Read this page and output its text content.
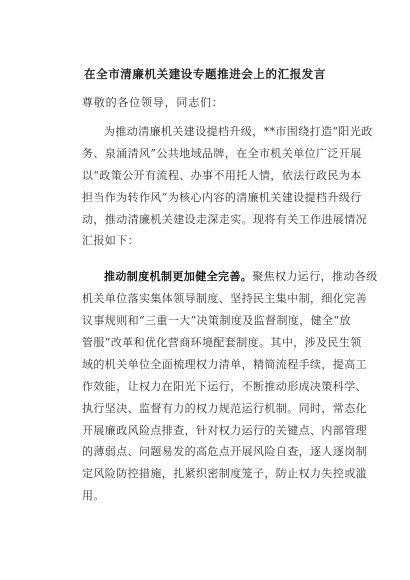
在全市清廉机关建设专题推进会上的汇报发言
尊敬的各位领导，同志们：
为推动清廉机关建设提档升级，**市围绕打造“阳光政
务、泉涌清风”公共地域品牌，在全市机关单位广泛开展
以“政策公开有流程、办事不用托人情，依法行政民为本
担当作为转作风”为核心内容的清廉机关建设提档升级行
动，推动清廉机关建设走深走实。现将有关工作进展情况
汇报如下：
推动制度机制更加健全完善。聚焦权力运行，推动各级
机关单位落实集体领导制度、坚持民主集中制，细化完善
议事规则和“三重一大”决策制度及监督制度，健全“放
管服”改革和优化营商环境配套制度。其中，涉及民生领
域的机关单位全面梳理权力清单，精简流程手续，提高工
作效能，让权力在阳光下运行，不断推动形成决策科学、
执行坚决、监督有力的权力规范运行机制。同时，常态化
开展廉政风险点排查，针对权力运行的关键点、内部管理
的薄弱点、问题易发的高危点开展风险自查，逐人逐岗制
定风险防控措施，扎紧织密制度笼子，防止权力失控或滥
用。
